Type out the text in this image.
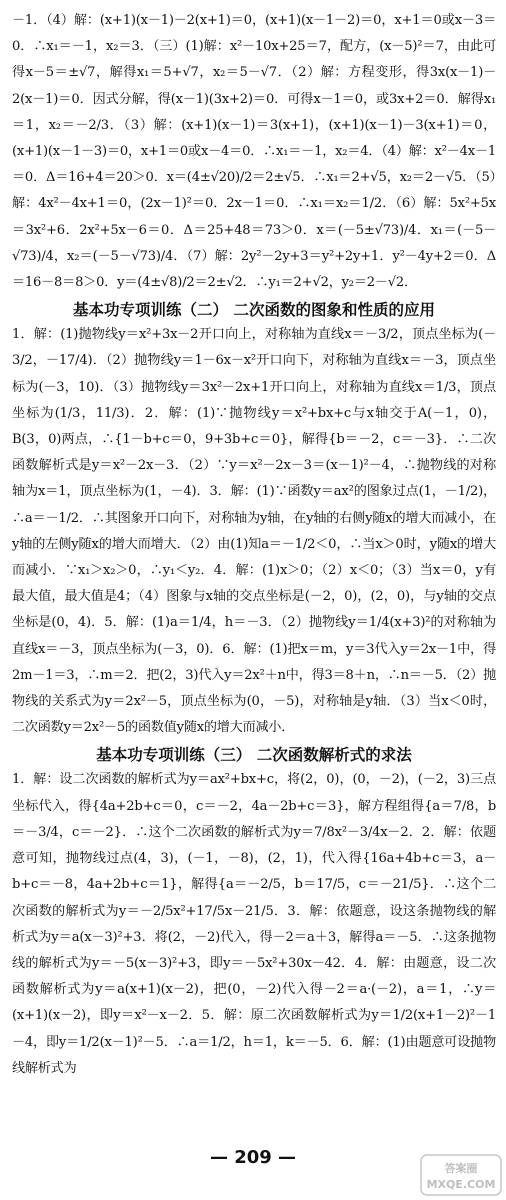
－1．（4）解：(x+1)(x－1)－2(x+1)＝0，(x+1)(x－1－2)＝0，x+1＝0或x－3＝0．∴x₁＝－1，x₂＝3．（三）(1)解：x²－10x+25＝7，配方，(x－5)²＝7，由此可得x－5＝±√7，解得x₁＝5+√7，x₂＝5－√7．（2）解：方程变形，得3x(x－1)－2(x－1)＝0．因式分解，得(x－1)(3x+2)＝0．可得x－1＝0，或3x+2＝0．解得x₁＝1，x₂＝－2/3．（3）解：(x+1)(x－1)＝3(x+1)，(x+1)(x－1)－3(x+1)＝0，(x+1)(x－1－3)＝0，x+1＝0或x－4＝0．∴x₁＝－1，x₂＝4．（4）解：x²－4x－1＝0．Δ＝16+4＝20＞0．x＝(4±√20)/2＝2±√5．∴x₁＝2+√5，x₂＝2－√5．（5）解：4x²－4x+1＝0，(2x－1)²＝0．2x－1＝0．∴x₁＝x₂＝1/2．（6）解：5x²+5x＝3x²+6．2x²+5x－6＝0．Δ＝25+48＝73＞0．x＝(－5±√73)/4．x₁＝(－5－√73)/4，x₂＝(－5－√73)/4．（7）解：2y²－2y+3＝y²+2y+1．y²－4y+2＝0．Δ＝16－8＝8＞0．y＝(4±√8)/2＝2±√2．∴y₁＝2+√2，y₂＝2－√2．

基本功专项训练（二） 二次函数的图象和性质的应用

1．解：(1)抛物线y＝x²+3x－2开口向上，对称轴为直线x＝－3/2，顶点坐标为(－3/2，－17/4)．（2）抛物线y＝1－6x－x²开口向下，对称轴为直线x＝－3，顶点坐标为(－3，10)．（3）抛物线y＝3x²－2x+1开口向上，对称轴为直线x＝1/3，顶点坐标为(1/3，11/3)．2．解：(1)∵抛物线y＝x²+bx+c与x轴交于A(－1，0)，B(3，0)两点，∴{1－b+c＝0，9+3b+c＝0}，解得{b＝－2，c＝－3}．∴二次函数解析式是y＝x²－2x－3．（2）∵y＝x²－2x－3＝(x－1)²－4，∴抛物线的对称轴为x＝1，顶点坐标为(1，－4)．3．解：(1)∵函数y＝ax²的图象过点(1，－1/2)，∴a＝－1/2．∴其图象开口向下，对称轴为y轴，在y轴的右侧y随x的增大而减小，在y轴的左侧y随x的增大而增大．（2）由(1)知a＝－1/2＜0，∴当x＞0时，y随x的增大而减小．∵x₁＞x₂＞0，∴y₁＜y₂．4．解：(1)x＞0；（2）x＜0；（3）当x＝0，y有最大值，最大值是4；（4）图象与x轴的交点坐标是(－2，0)，(2，0)，与y轴的交点坐标是(0，4)．5．解：(1)a＝1/4，h＝－3．（2）抛物线y＝1/4(x+3)²的对称轴为直线x＝－3，顶点坐标为(－3，0)．6．解：(1)把x＝m，y＝3代入y＝2x－1中，得2m－1＝3，∴m＝2．把(2，3)代入y＝2x²＋n中，得3＝8＋n，∴n＝－5．（2）抛物线的关系式为y＝2x²－5，顶点坐标为(0，－5)，对称轴是y轴．（3）当x＜0时，二次函数y＝2x²－5的函数值y随x的增大而减小．

基本功专项训练（三） 二次函数解析式的求法

1．解：设二次函数的解析式为y＝ax²+bx+c，将(2，0)，(0，－2)，(－2，3)三点坐标代入，得{4a+2b+c＝0，c＝－2，4a－2b+c＝3}，解方程组得{a＝7/8，b＝－3/4，c＝－2}．∴这个二次函数的解析式为y＝7/8x²－3/4x－2．2．解：依题意可知，抛物线过点(4，3)，(－1，－8)，(2，1)，代入得{16a+4b+c＝3，a－b+c＝－8，4a+2b+c＝1}，解得{a＝－2/5，b＝17/5，c＝－21/5}．∴这个二次函数的解析式为y＝－2/5x²+17/5x－21/5．3．解：依题意，设这条抛物线的解析式为y＝a(x－3)²+3．将(2，－2)代入，得－2＝a＋3，解得a＝－5．∴这条抛物线的解析式为y＝－5(x－3)²+3，即y＝－5x²+30x－42．4．解：由题意，设二次函数解析式为y＝a(x+1)(x－2)，把(0，－2)代入得－2＝a·(－2)，a＝1，∴y＝(x+1)(x－2)，即y＝x²－x－2．5．解：原二次函数解析式为y＝1/2(x+1－2)²－1－4，即y＝1/2(x－1)²－5．∴a＝1/2，h＝1，k＝－5．6．解：(1)由题意可设抛物线解析式为

— 209 —
答案圈
MXQE.COM
